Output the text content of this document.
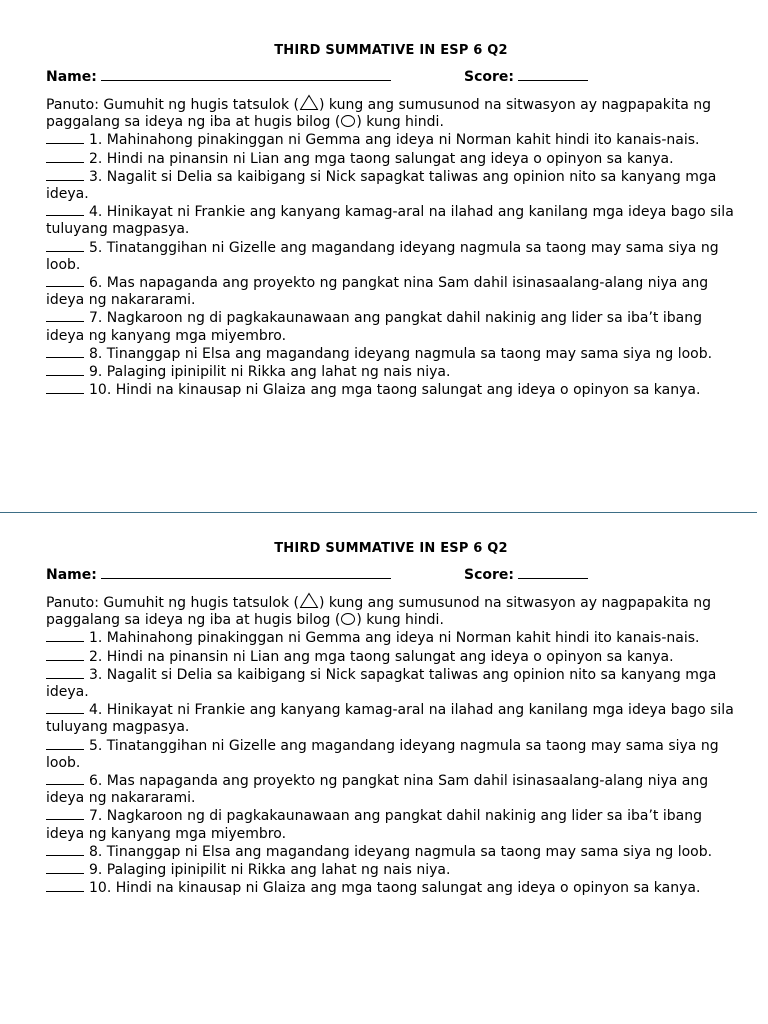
THIRD SUMMATIVE IN ESP 6 Q2
Name:	Score:

Panuto: Gumuhit ng hugis tatsulok ( ) kung ang sumusunod na sitwasyon ay nagpapakita ng paggalang sa ideya ng iba at hugis bilog ( ) kung hindi.

1. Mahinahong pinakinggan ni Gemma ang ideya ni Norman kahit hindi ito kanais-nais.

2. Hindi na pinansin ni Lian ang mga taong salungat ang ideya o opinyon sa kanya.

3. Nagalit si Delia sa kaibigang si Nick sapagkat taliwas ang opinion nito sa kanyang mga ideya.

4. Hinikayat ni Frankie ang kanyang kamag-aral na ilahad ang kanilang mga ideya bago sila tuluyang magpasya.

5. Tinatanggihan ni Gizelle ang magandang ideyang nagmula sa taong may sama siya ng loob.

6. Mas napaganda ang proyekto ng pangkat nina Sam dahil isinasaalang-alang niya ang ideya ng nakararami.

7. Nagkaroon ng di pagkakaunawaan ang pangkat dahil nakinig ang lider sa iba’t ibang ideya ng kanyang mga miyembro.

8. Tinanggap ni Elsa ang magandang ideyang nagmula sa taong may sama siya ng loob.

9. Palaging ipinipilit ni Rikka ang lahat ng nais niya.

10. Hindi na kinausap ni Glaiza ang mga taong salungat ang ideya o opinyon sa kanya.

THIRD SUMMATIVE IN ESP 6 Q2
Name:	Score:

Panuto: Gumuhit ng hugis tatsulok ( ) kung ang sumusunod na sitwasyon ay nagpapakita ng paggalang sa ideya ng iba at hugis bilog ( ) kung hindi.

1. Mahinahong pinakinggan ni Gemma ang ideya ni Norman kahit hindi ito kanais-nais.

2. Hindi na pinansin ni Lian ang mga taong salungat ang ideya o opinyon sa kanya.

3. Nagalit si Delia sa kaibigang si Nick sapagkat taliwas ang opinion nito sa kanyang mga ideya.

4. Hinikayat ni Frankie ang kanyang kamag-aral na ilahad ang kanilang mga ideya bago sila tuluyang magpasya.

5. Tinatanggihan ni Gizelle ang magandang ideyang nagmula sa taong may sama siya ng loob.

6. Mas napaganda ang proyekto ng pangkat nina Sam dahil isinasaalang-alang niya ang ideya ng nakararami.

7. Nagkaroon ng di pagkakaunawaan ang pangkat dahil nakinig ang lider sa iba’t ibang ideya ng kanyang mga miyembro.

8. Tinanggap ni Elsa ang magandang ideyang nagmula sa taong may sama siya ng loob.

9. Palaging ipinipilit ni Rikka ang lahat ng nais niya.

10. Hindi na kinausap ni Glaiza ang mga taong salungat ang ideya o opinyon sa kanya.
